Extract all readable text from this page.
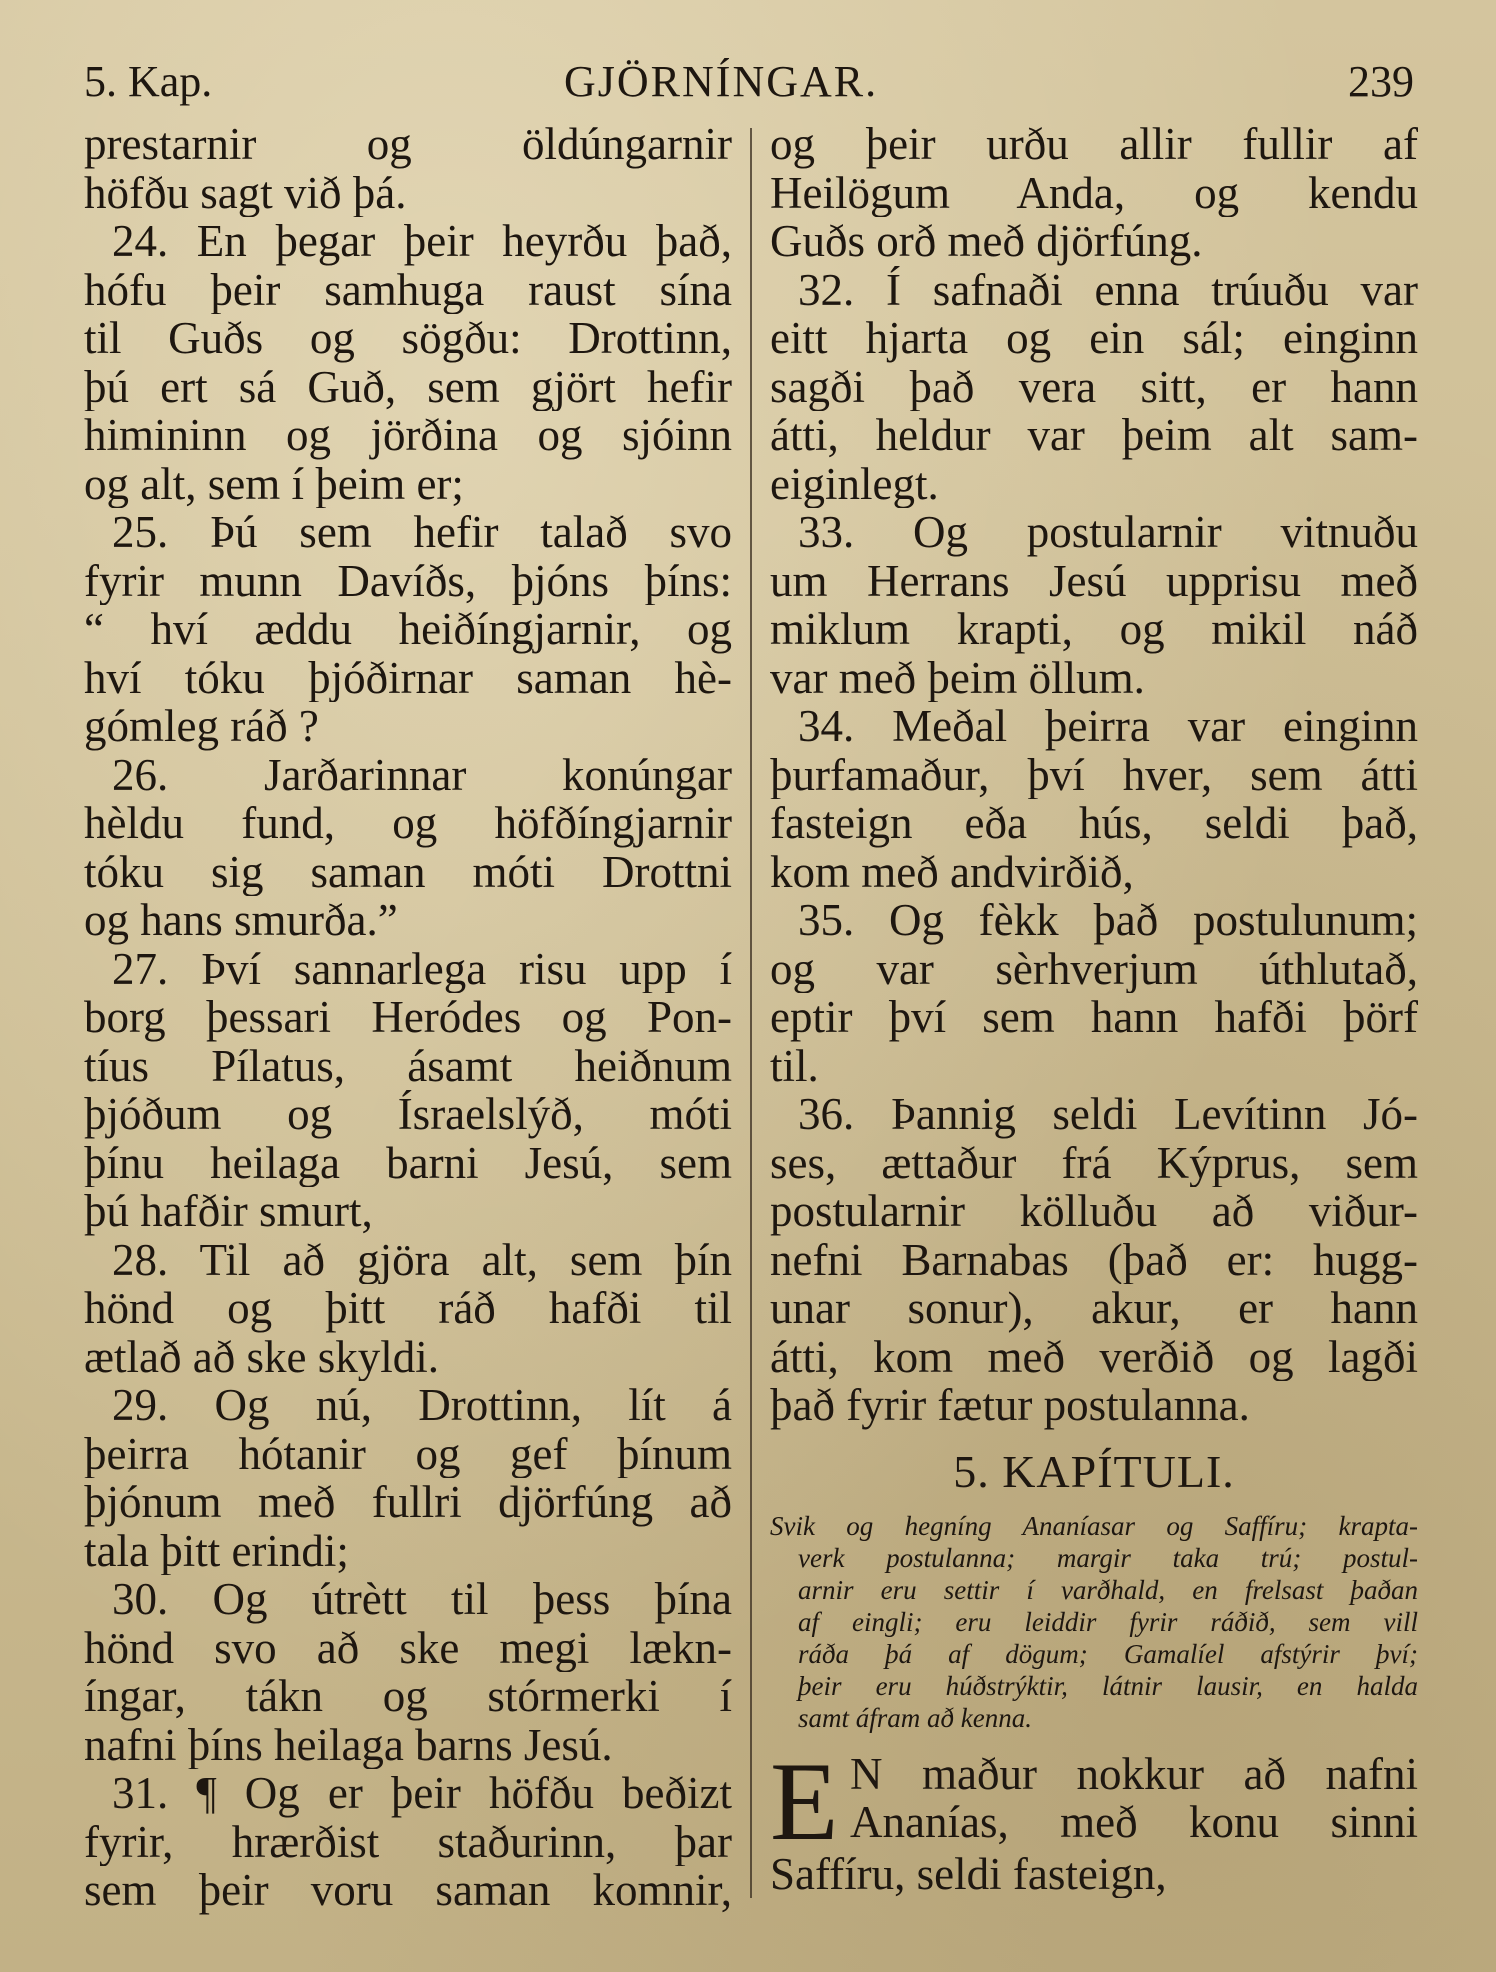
5. Kap.	GJÖRNÍNGAR.	239
prestarnir og öldúngarnir
höfðu sagt við þá.
24. En þegar þeir heyrðu það,
hófu þeir samhuga raust sína
til Guðs og sögðu: Drottinn,
þú ert sá Guð, sem gjört hefir
himininn og jörðina og sjóinn
og alt, sem í þeim er;
25. Þú sem hefir talað svo
fyrir munn Davíðs, þjóns þíns:
“ hví æddu heiðíngjarnir, og
hví tóku þjóðirnar saman hè-
gómleg ráð ?
26. Jarðarinnar konúngar
hèldu fund, og höfðíngjarnir
tóku sig saman móti Drottni
og hans smurða.”
27. Því sannarlega risu upp í
borg þessari Heródes og Pon-
tíus Pílatus, ásamt heiðnum
þjóðum og Ísraelslýð, móti
þínu heilaga barni Jesú, sem
þú hafðir smurt,
28. Til að gjöra alt, sem þín
hönd og þitt ráð hafði til
ætlað að ske skyldi.
29. Og nú, Drottinn, lít á
þeirra hótanir og gef þínum
þjónum með fullri djörfúng að
tala þitt erindi;
30. Og útrètt til þess þína
hönd svo að ske megi lækn-
íngar, tákn og stórmerki í
nafni þíns heilaga barns Jesú.
31. ¶ Og er þeir höfðu beðizt
fyrir, hrærðist staðurinn, þar
sem þeir voru saman komnir,
og þeir urðu allir fullir af
Heilögum Anda, og kendu
Guðs orð með djörfúng.
32. Í safnaði enna trúuðu var
eitt hjarta og ein sál; einginn
sagði það vera sitt, er hann
átti, heldur var þeim alt sam-
eiginlegt.
33. Og postularnir vitnuðu
um Herrans Jesú upprisu með
miklum krapti, og mikil náð
var með þeim öllum.
34. Meðal þeirra var einginn
þurfamaður, því hver, sem átti
fasteign eða hús, seldi það,
kom með andvirðið,
35. Og fèkk það postulunum;
og var sèrhverjum úthlutað,
eptir því sem hann hafði þörf
til.
36. Þannig seldi Levítinn Jó-
ses, ættaður frá Kýprus, sem
postularnir kölluðu að viður-
nefni Barnabas (það er: hugg-
unar sonur), akur, er hann
átti, kom með verðið og lagði
það fyrir fætur postulanna.
5. KAPÍTULI.
Svik og hegníng Ananíasar og Saffíru; krapta-
verk postulanna; margir taka trú; postul-
arnir eru settir í varðhald, en frelsast þaðan
af eingli; eru leiddir fyrir ráðið, sem vill
ráða þá af dögum; Gamalíel afstýrir því;
þeir eru húðstrýktir, látnir lausir, en halda
samt áfram að kenna.
E N maður nokkur að nafni
Ananías, með konu sinni
Saffíru, seldi fasteign,
